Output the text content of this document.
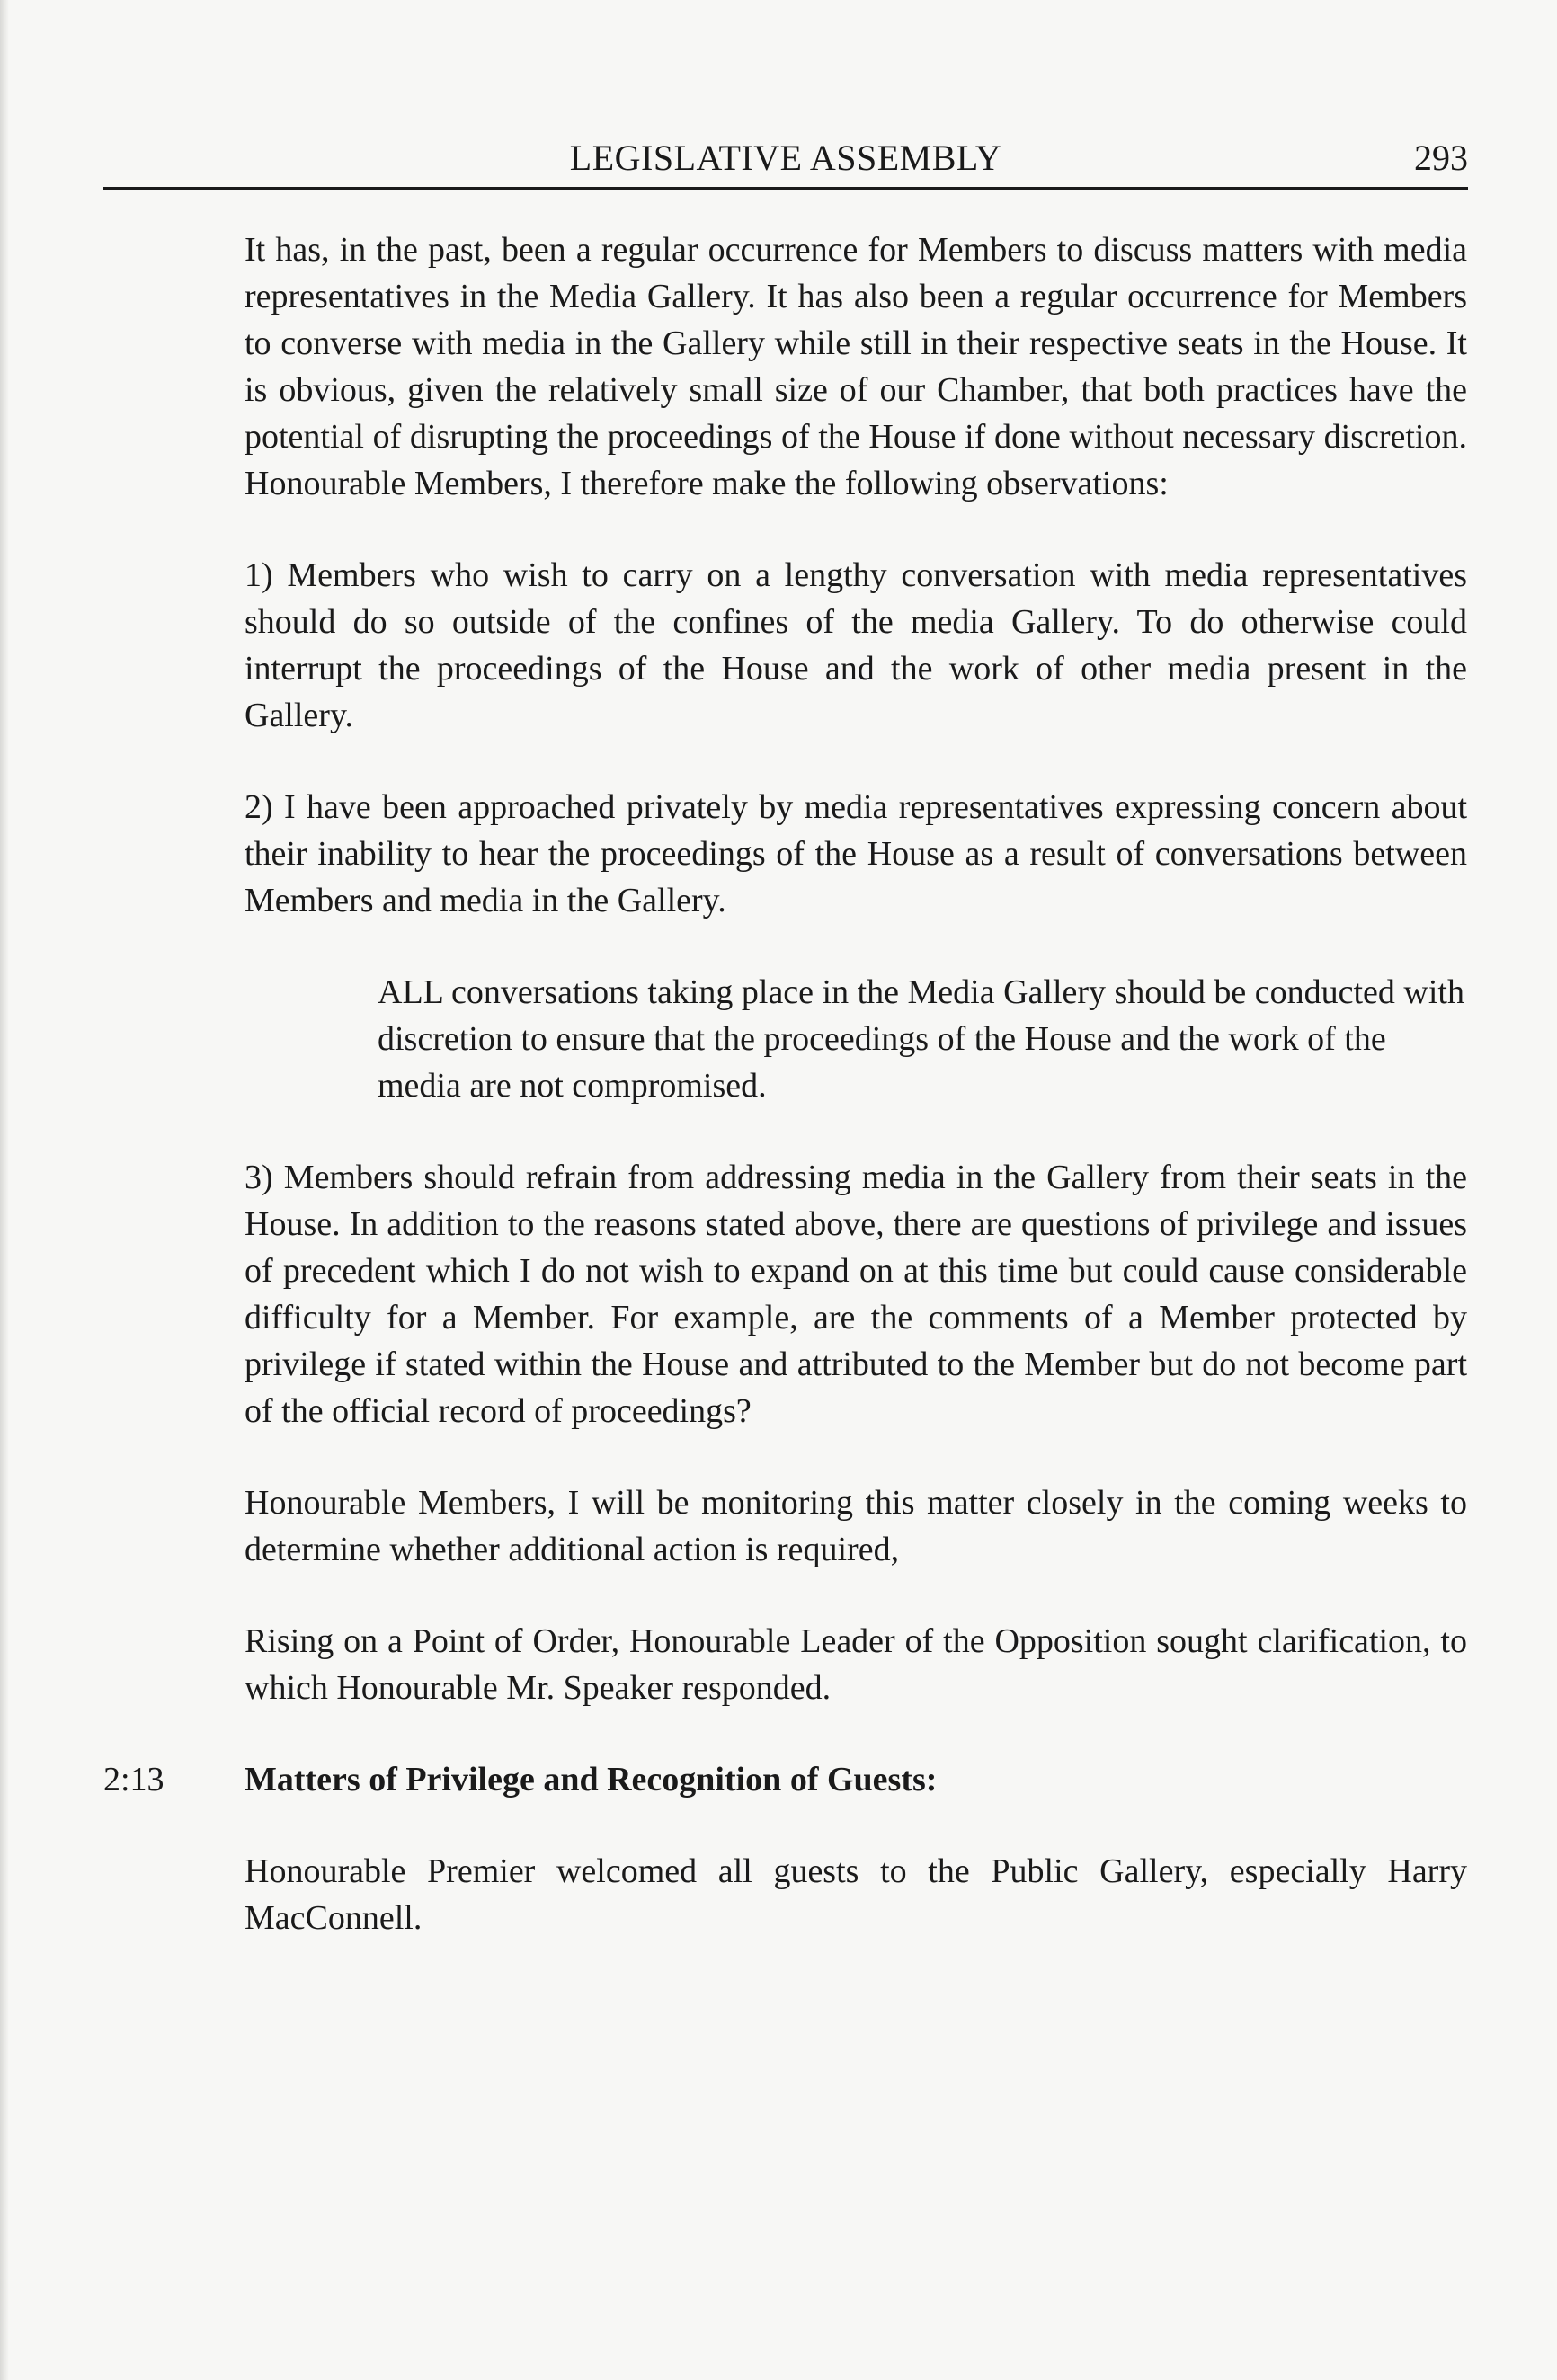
LEGISLATIVE ASSEMBLY	293

It has, in the past, been a regular occurrence for Members to discuss matters with media representatives in the Media Gallery. It has also been a regular occurrence for Members to converse with media in the Gallery while still in their respective seats in the House. It is obvious, given the relatively small size of our Chamber, that both practices have the potential of disrupting the proceedings of the House if done without necessary discretion. Honourable Members, I therefore make the following observations:

1) Members who wish to carry on a lengthy conversation with media representatives should do so outside of the confines of the media Gallery. To do otherwise could interrupt the proceedings of the House and the work of other media present in the Gallery.

2) I have been approached privately by media representatives expressing concern about their inability to hear the proceedings of the House as a result of conversations between Members and media in the Gallery.

ALL conversations taking place in the Media Gallery should be conducted with discretion to ensure that the proceedings of the House and the work of the media are not compromised.

3) Members should refrain from addressing media in the Gallery from their seats in the House. In addition to the reasons stated above, there are questions of privilege and issues of precedent which I do not wish to expand on at this time but could cause considerable difficulty for a Member. For example, are the comments of a Member protected by privilege if stated within the House and attributed to the Member but do not become part of the official record of proceedings?

Honourable Members, I will be monitoring this matter closely in the coming weeks to determine whether additional action is required,

Rising on a Point of Order, Honourable Leader of the Opposition sought clarification, to which Honourable Mr. Speaker responded.

2:13 Matters of Privilege and Recognition of Guests:

Honourable Premier welcomed all guests to the Public Gallery, especially Harry MacConnell.
